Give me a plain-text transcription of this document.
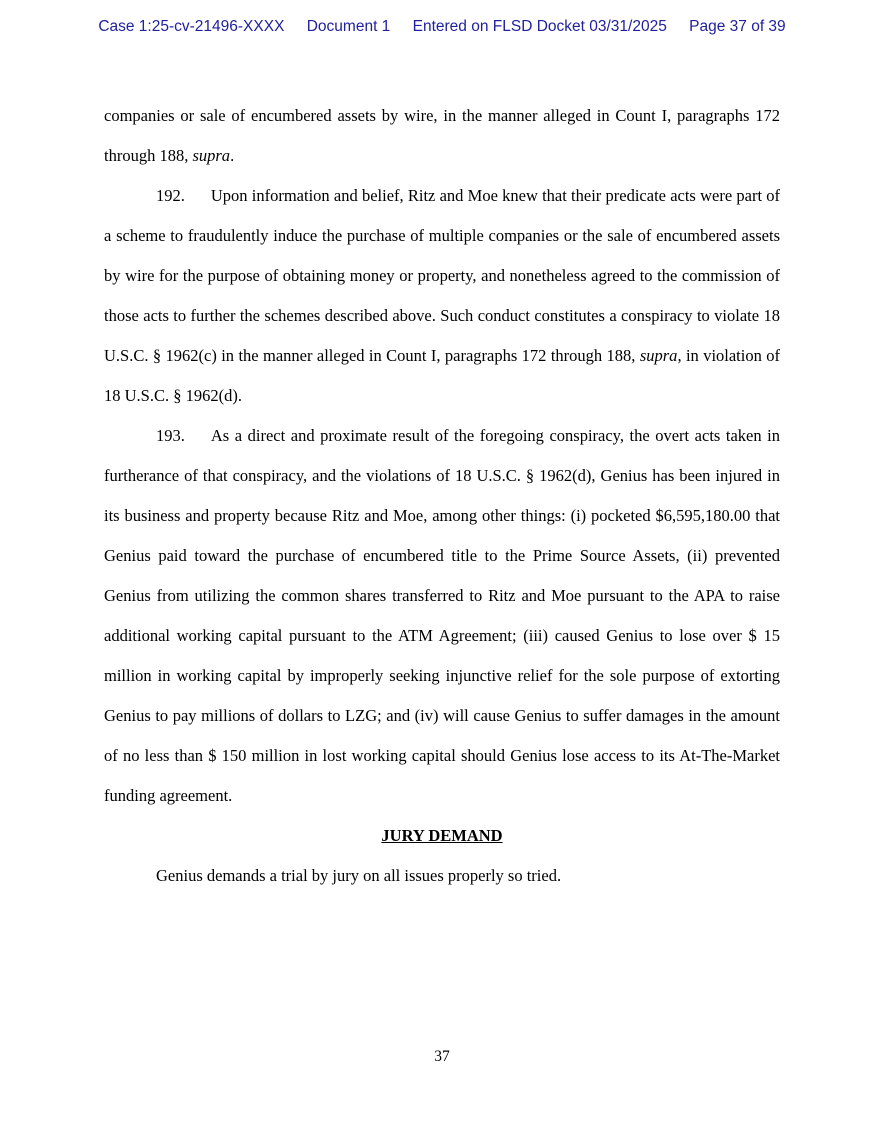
Case 1:25-cv-21496-XXXX Document 1 Entered on FLSD Docket 03/31/2025 Page 37 of 39

companies or sale of encumbered assets by wire, in the manner alleged in Count I, paragraphs 172 through 188, supra.

192. Upon information and belief, Ritz and Moe knew that their predicate acts were part of a scheme to fraudulently induce the purchase of multiple companies or the sale of encumbered assets by wire for the purpose of obtaining money or property, and nonetheless agreed to the commission of those acts to further the schemes described above. Such conduct constitutes a conspiracy to violate 18 U.S.C. § 1962(c) in the manner alleged in Count I, paragraphs 172 through 188, supra, in violation of 18 U.S.C. § 1962(d).

193. As a direct and proximate result of the foregoing conspiracy, the overt acts taken in furtherance of that conspiracy, and the violations of 18 U.S.C. § 1962(d), Genius has been injured in its business and property because Ritz and Moe, among other things: (i) pocketed $6,595,180.00 that Genius paid toward the purchase of encumbered title to the Prime Source Assets, (ii) prevented Genius from utilizing the common shares transferred to Ritz and Moe pursuant to the APA to raise additional working capital pursuant to the ATM Agreement; (iii) caused Genius to lose over $ 15 million in working capital by improperly seeking injunctive relief for the sole purpose of extorting Genius to pay millions of dollars to LZG; and (iv) will cause Genius to suffer damages in the amount of no less than $ 150 million in lost working capital should Genius lose access to its At-The-Market funding agreement.

JURY DEMAND

Genius demands a trial by jury on all issues properly so tried.

37
